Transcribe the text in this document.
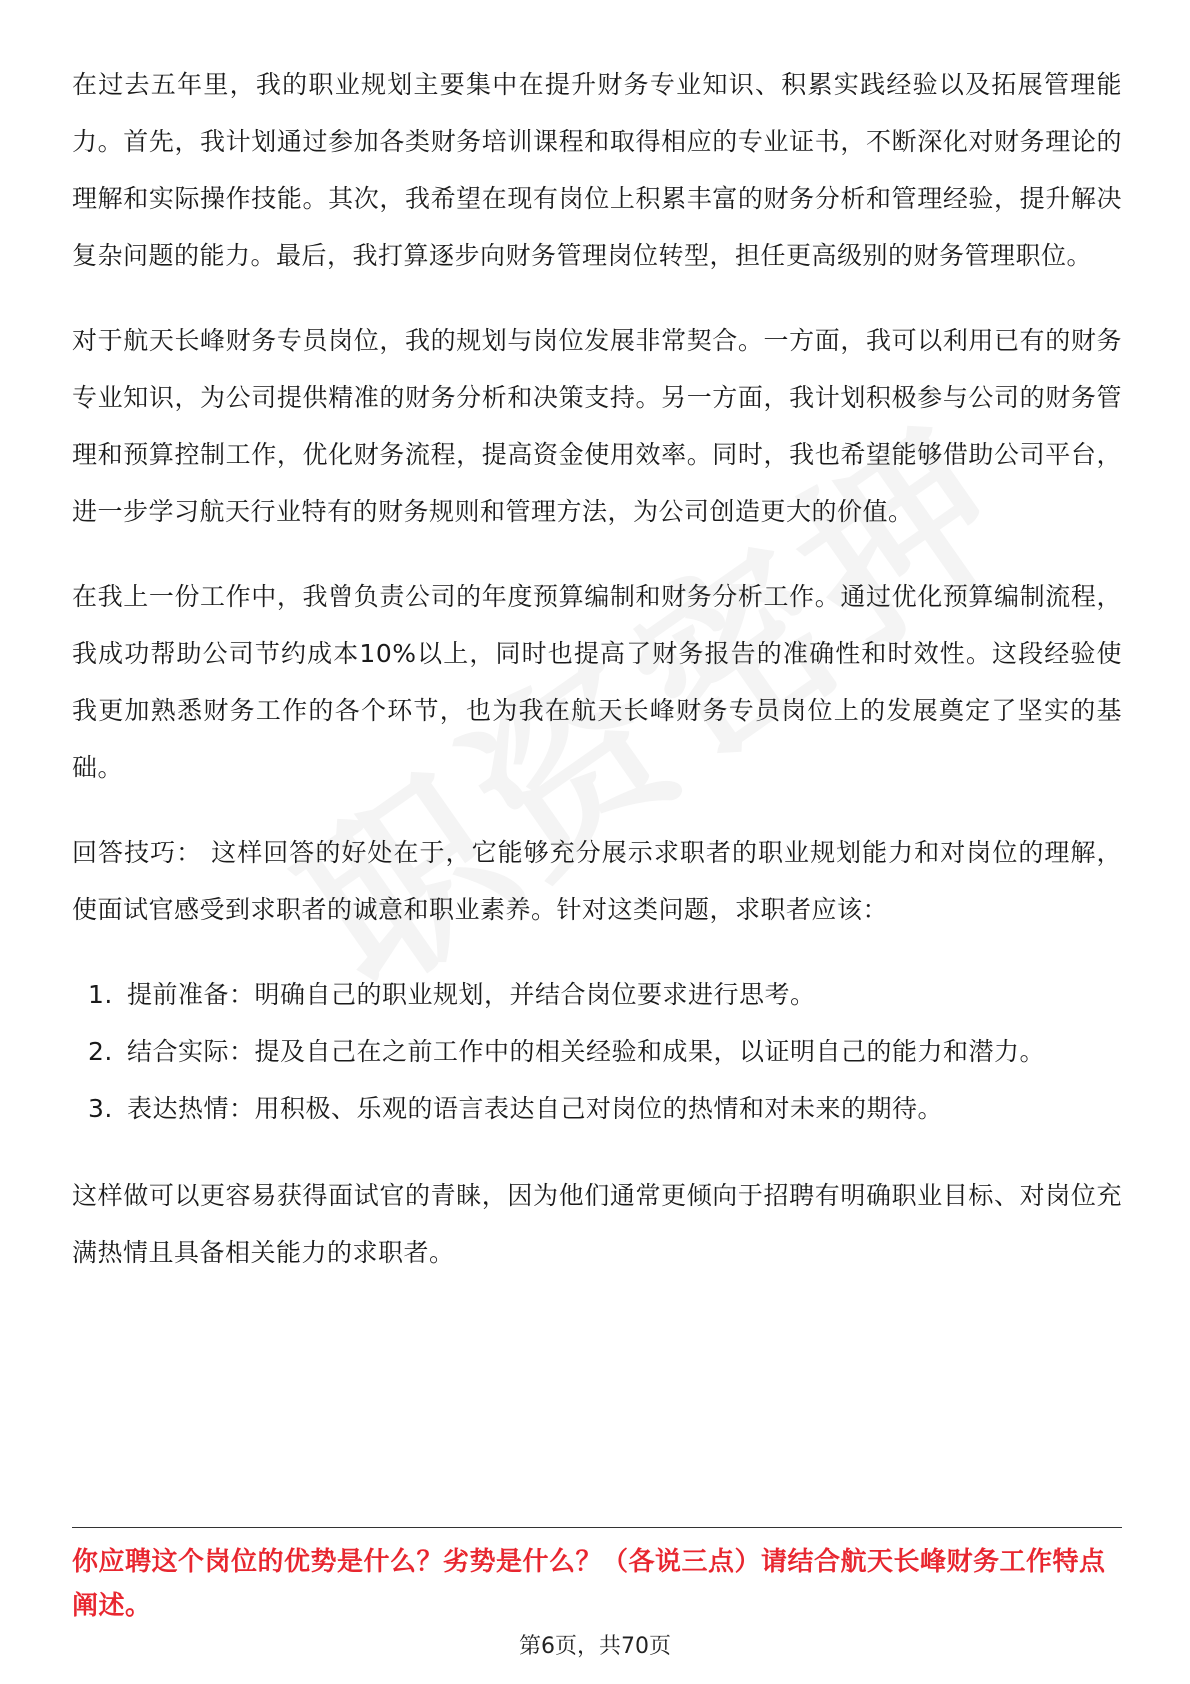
在过去五年里，我的职业规划主要集中在提升财务专业知识、积累实践经验以及拓展管理能力。首先，我计划通过参加各类财务培训课程和取得相应的专业证书，不断深化对财务理论的理解和实际操作技能。其次，我希望在现有岗位上积累丰富的财务分析和管理经验，提升解决复杂问题的能力。最后，我打算逐步向财务管理岗位转型，担任更高级别的财务管理职位。

对于航天长峰财务专员岗位，我的规划与岗位发展非常契合。一方面，我可以利用已有的财务专业知识，为公司提供精准的财务分析和决策支持。另一方面，我计划积极参与公司的财务管理和预算控制工作，优化财务流程，提高资金使用效率。同时，我也希望能够借助公司平台，进一步学习航天行业特有的财务规则和管理方法，为公司创造更大的价值。

在我上一份工作中，我曾负责公司的年度预算编制和财务分析工作。通过优化预算编制流程，我成功帮助公司节约成本10%以上，同时也提高了财务报告的准确性和时效性。这段经验使我更加熟悉财务工作的各个环节，也为我在航天长峰财务专员岗位上的发展奠定了坚实的基础。

回答技巧： 这样回答的好处在于，它能够充分展示求职者的职业规划能力和对岗位的理解，使面试官感受到求职者的诚意和职业素养。针对这类问题，求职者应该：

1. 提前准备：明确自己的职业规划，并结合岗位要求进行思考。
2. 结合实际：提及自己在之前工作中的相关经验和成果，以证明自己的能力和潜力。
3. 表达热情：用积极、乐观的语言表达自己对岗位的热情和对未来的期待。

这样做可以更容易获得面试官的青睐，因为他们通常更倾向于招聘有明确职业目标、对岗位充满热情且具备相关能力的求职者。

你应聘这个岗位的优势是什么？劣势是什么？（各说三点）请结合航天长峰财务工作特点阐述。
第6页，共70页
